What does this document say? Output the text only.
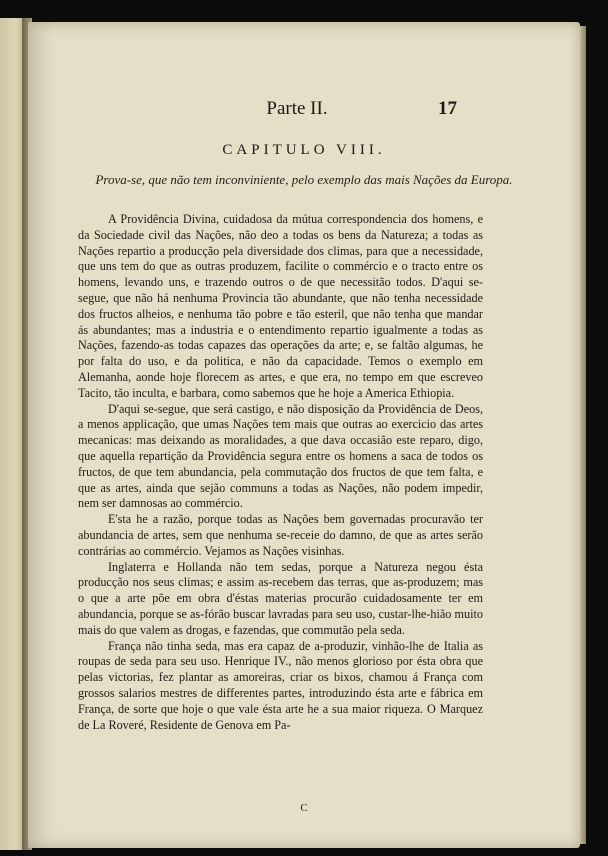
Parte II.	17
CAPITULO VIII.
Prova-se, que não tem inconviniente, pelo exemplo das mais Nações da Europa.

A Providência Divina, cuidadosa da mútua correspondencia dos homens, e da Sociedade civil das Nações, não deo a todas os bens da Natureza; a todas as Nações repartio a producção pela diversidade dos climas, para que a necessidade, que uns tem do que as outras produzem, facilite o commércio e o tracto entre os homens, levando uns, e trazendo outros o de que necessitão todos. D'aqui se-segue, que não há nenhuma Provincia tão abundante, que não tenha necessidade dos fructos alheios, e nenhuma tão pobre e tão esteril, que não tenha que mandar ás abundantes; mas a industria e o entendimento repartio igualmente a todas as Nações, fazendo-as todas capazes das operações da arte; e, se faltão algumas, he por falta do uso, e da politica, e não da capacidade. Temos o exemplo em Alemanha, aonde hoje florecem as artes, e que era, no tempo em que escreveo Tacito, tão inculta, e barbara, como sabemos que he hoje a America Ethiopia.

D'aqui se-segue, que será castigo, e não disposição da Providência de Deos, a menos applicação, que umas Nações tem mais que outras ao exercicio das artes mecanicas: mas deixando as moralidades, a que dava occasião este reparo, digo, que aquella repartição da Providência segura entre os homens a saca de todos os fructos, de que tem abundancia, pela commutação dos fructos de que tem falta, e que as artes, ainda que sejão communs a todas as Nações, não podem impedir, nem ser damnosas ao commércio.

E'sta he a razão, porque todas as Nações bem governadas procuravão ter abundancia de artes, sem que nenhuma se-receie do damno, de que as artes serão contrárias ao commércio. Vejamos as Nações visinhas.

Inglaterra e Hollanda não tem sedas, porque a Natureza negou ésta producção nos seus climas; e assim as-recebem das terras, que as-produzem; mas o que a arte põe em obra d'éstas materias procurão cuidadosamente ter em abundancia, porque se as-fórão buscar lavradas para seu uso, custar-lhe-hião muito mais do que valem as drogas, e fazendas, que commutão pela seda.

França não tinha seda, mas era capaz de a-produzir, vinhão-lhe de Italia as roupas de seda para seu uso. Henrique IV., não menos glorioso por ésta obra que pelas victorias, fez plantar as amoreiras, criar os bixos, chamou á França com grossos salarios mestres de differentes partes, introduzindo ésta arte e fábrica em França, de sorte que hoje o que vale ésta arte he a sua maior riqueza. O Marquez de La Roveré, Residente de Genova em Pa-

C
